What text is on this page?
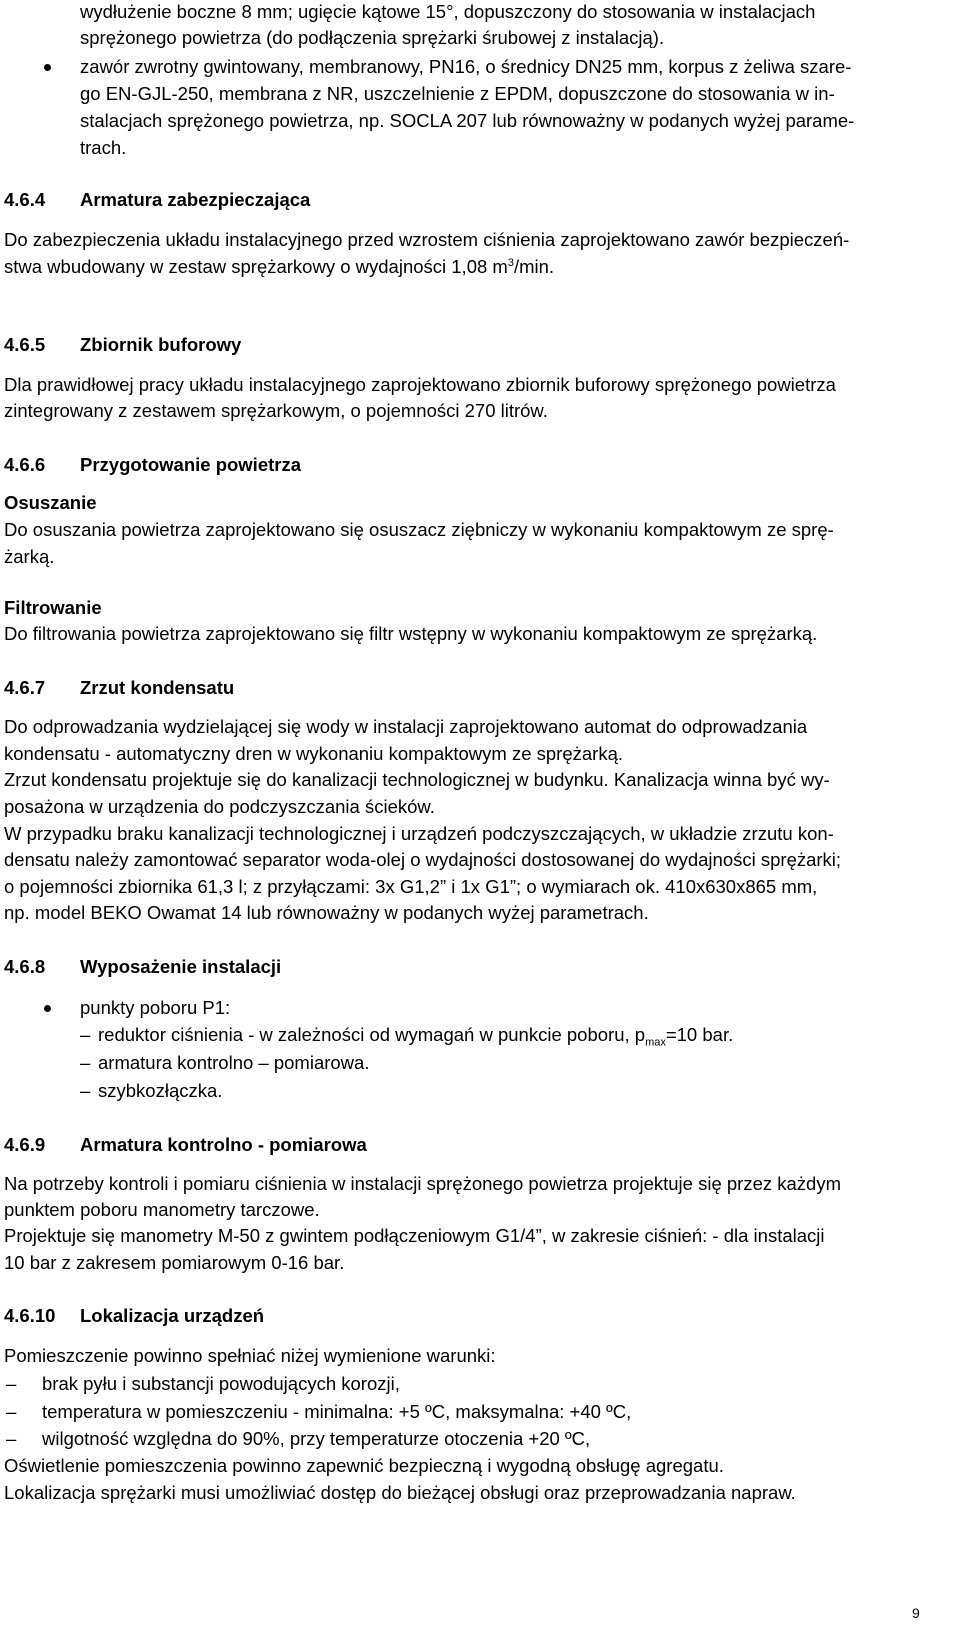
wydłużenie boczne 8 mm; ugięcie kątowe 15°, dopuszczony do stosowania w instalacjach
sprężonego powietrza (do podłączenia sprężarki śrubowej z instalacją).
zawór zwrotny gwintowany, membranowy, PN16, o średnicy DN25 mm, korpus z żeliwa szare-
go EN-GJL-250, membrana z NR, uszczelnienie z EPDM, dopuszczone do stosowania w in-
stalacjach sprężonego powietrza, np. SOCLA 207 lub równoważny w podanych wyżej parame-
trach.
4.6.4 Armatura zabezpieczająca
Do zabezpieczenia układu instalacyjnego przed wzrostem ciśnienia zaprojektowano zawór bezpieczeń-
stwa wbudowany w zestaw sprężarkowy o wydajności 1,08 $m^3/\min$.
4.6.5 Zbiornik buforowy
Dla prawidłowej pracy układu instalacyjnego zaprojektowano zbiornik buforowy sprężonego powietrza
zintegrowany z zestawem sprężarkowym, o pojemności 270 litrów.
4.6.6 Przygotowanie powietrza
Osuszanie
Do osuszania powietrza zaprojektowano się osuszacz ziębniczy w wykonaniu kompaktowym ze sprę-
żarką.
Filtrowanie
Do filtrowania powietrza zaprojektowano się filtr wstępny w wykonaniu kompaktowym ze sprężarką.
4.6.7 Zrzut kondensatu
Do odprowadzania wydzielającej się wody w instalacji zaprojektowano automat do odprowadzania
kondensatu - automatyczny dren w wykonaniu kompaktowym ze sprężarką.
Zrzut kondensatu projektuje się do kanalizacji technologicznej w budynku. Kanalizacja winna być wy-
posażona w urządzenia do podczyszczania ścieków.
W przypadku braku kanalizacji technologicznej i urządzeń podczyszczających, w układzie zrzutu kon-
densatu należy zamontować separator woda-olej o wydajności dostosowanej do wydajności sprężarki;
o pojemności zbiornika 61,3 l; z przyłączami: 3x G1,2” i 1x G1”; o wymiarach ok. 410x630x865 mm,
np. model BEKO Owamat 14 lub równoważny w podanych wyżej parametrach.
4.6.8 Wyposażenie instalacji
punkty poboru P1:
– reduktor ciśnienia - w zależności od wymagań w punkcie poboru, $p_{max}=10$ bar.
– armatura kontrolno – pomiarowa.
– szybkozłączka.
4.6.9 Armatura kontrolno - pomiarowa
Na potrzeby kontroli i pomiaru ciśnienia w instalacji sprężonego powietrza projektuje się przez każdym
punktem poboru manometry tarczowe.
Projektuje się manometry M-50 z gwintem podłączeniowym G1/4”, w zakresie ciśnień: - dla instalacji
10 bar z zakresem pomiarowym 0-16 bar.
4.6.10 Lokalizacja urządzeń
Pomieszczenie powinno spełniać niżej wymienione warunki:
– brak pyłu i substancji powodujących korozji,
– temperatura w pomieszczeniu - minimalna: +5 ºC, maksymalna: +40 ºC,
– wilgotność względna do 90%, przy temperaturze otoczenia +20 ºC,
Oświetlenie pomieszczenia powinno zapewnić bezpieczną i wygodną obsługę agregatu.
Lokalizacja sprężarki musi umożliwiać dostęp do bieżącej obsługi oraz przeprowadzania napraw.
9
